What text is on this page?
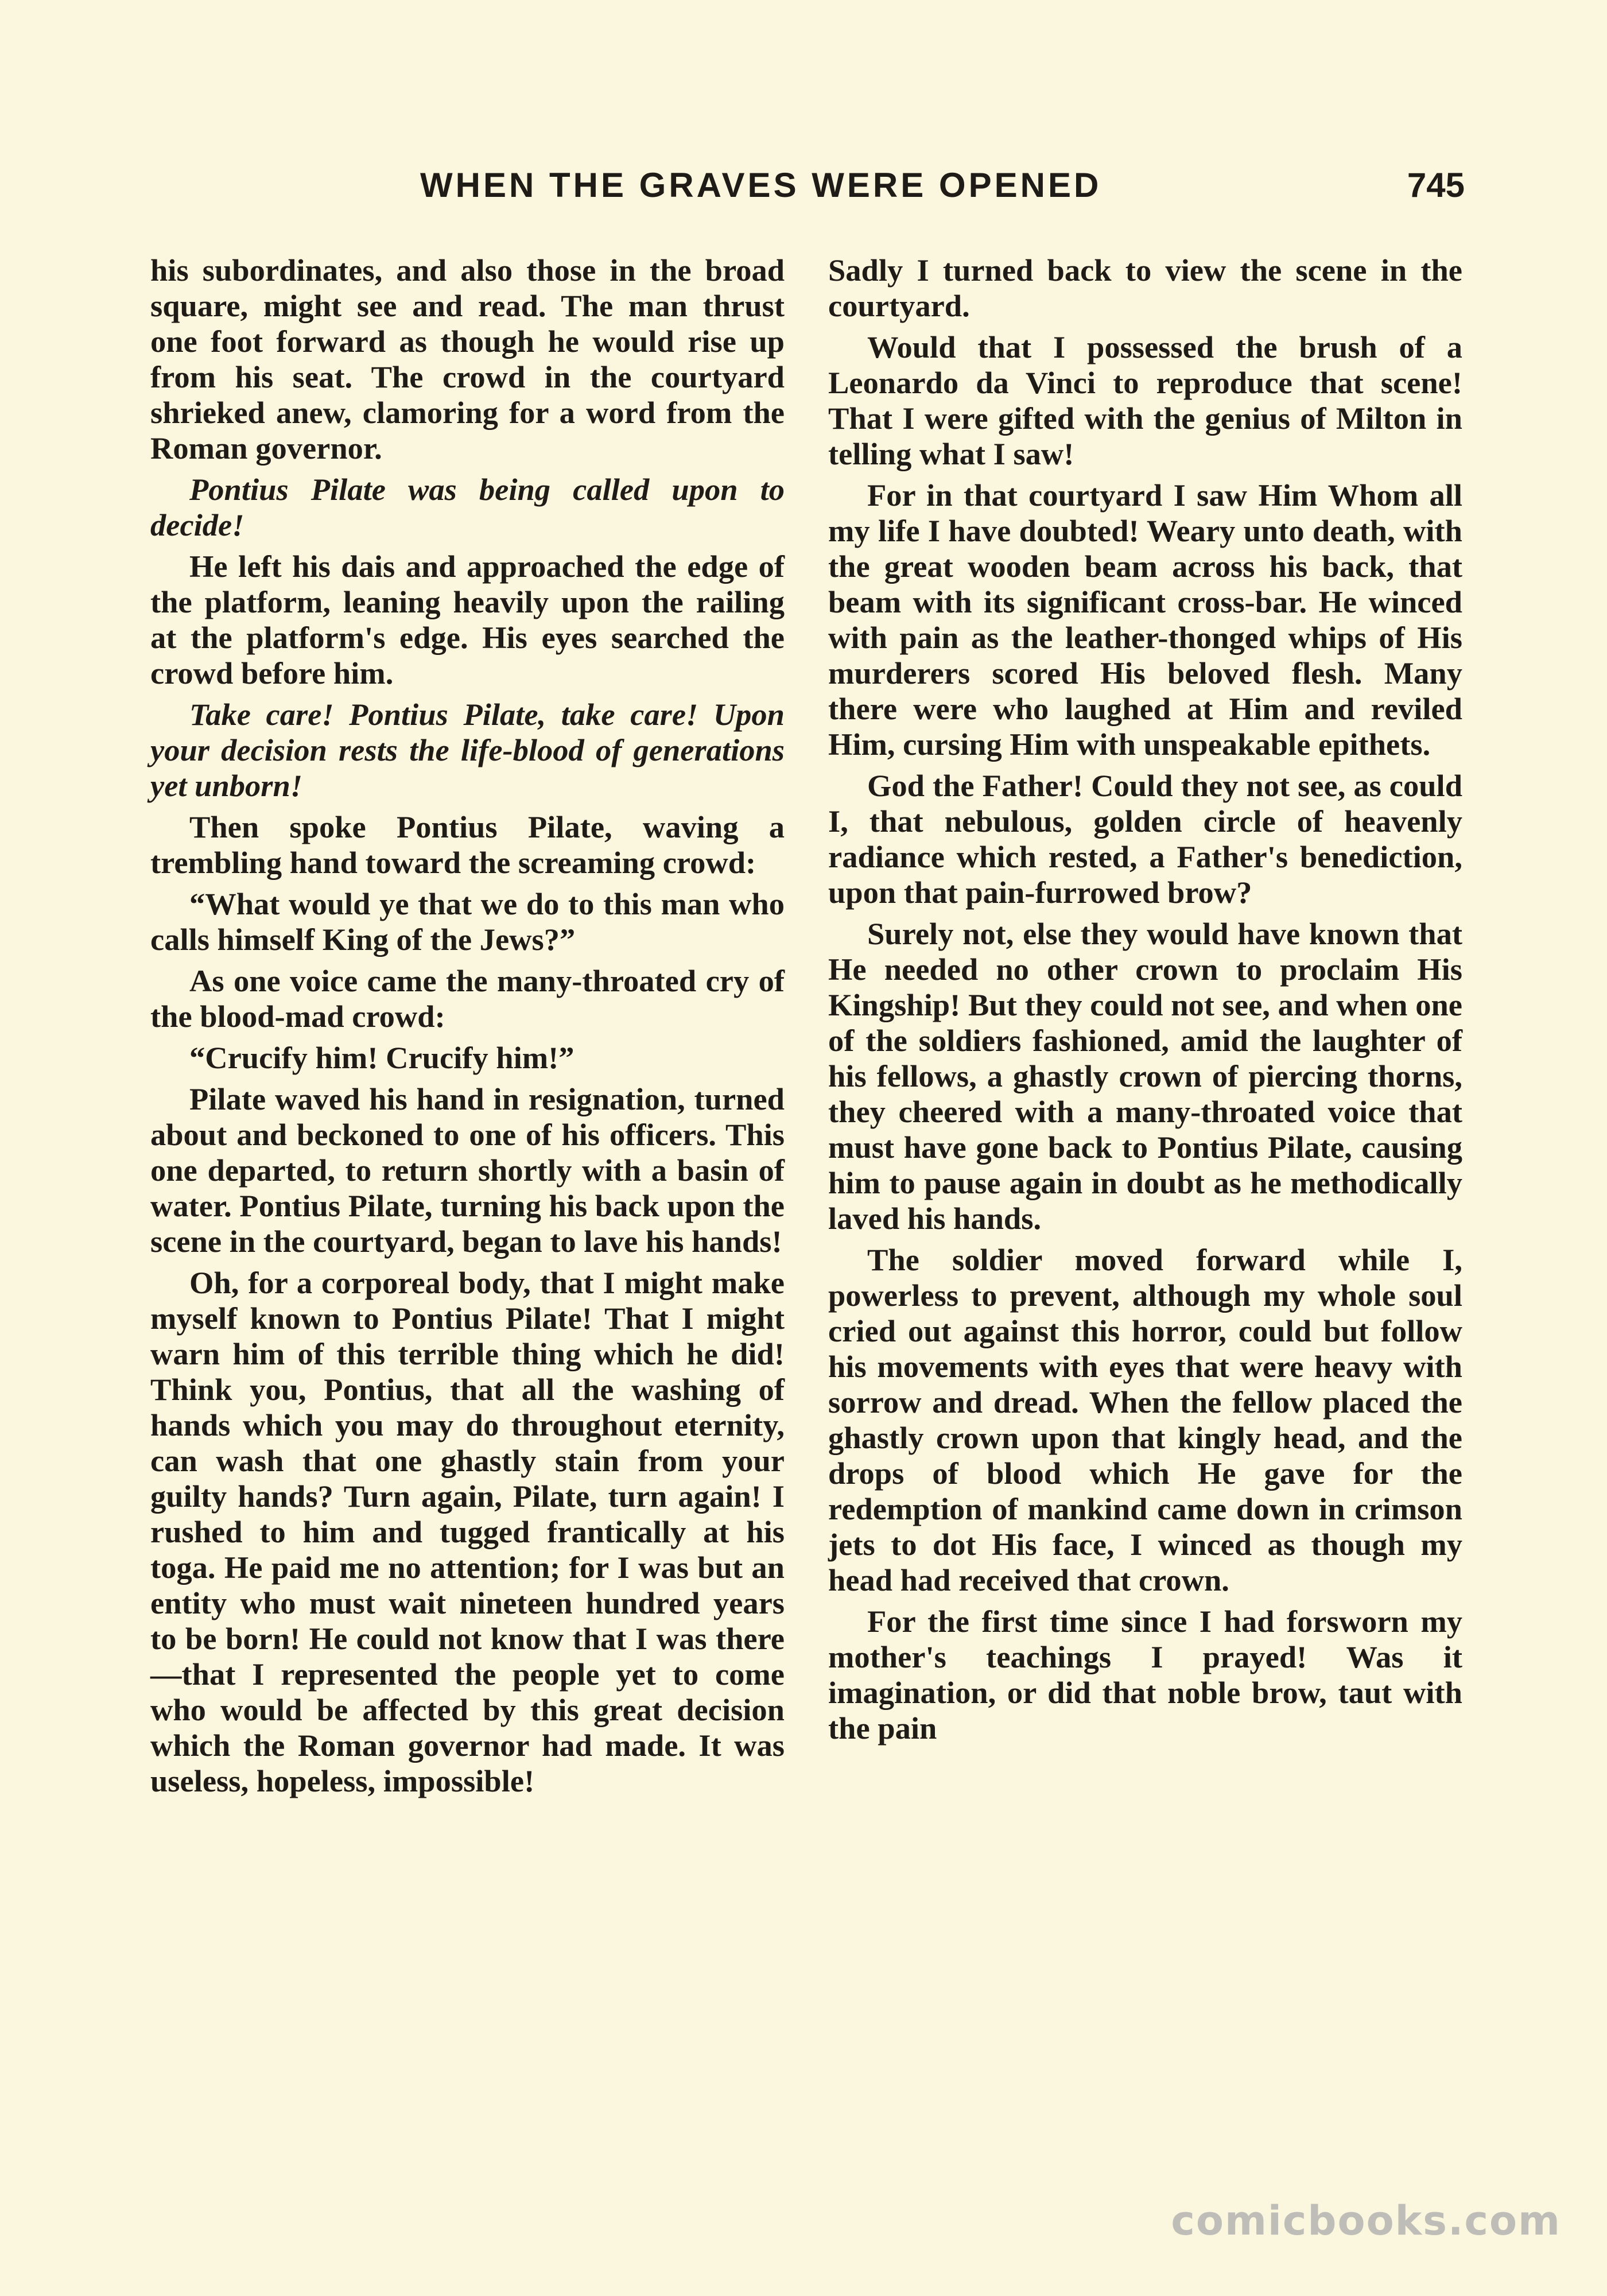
WHEN THE GRAVES WERE OPENED	745

his subordinates, and also those in the broad square, might see and read. The man thrust one foot forward as though he would rise up from his seat. The crowd in the courtyard shrieked anew, clamoring for a word from the Roman governor.

Pontius Pilate was being called upon to decide!

He left his dais and approached the edge of the platform, leaning heavily upon the railing at the platform's edge. His eyes searched the crowd before him.

Take care! Pontius Pilate, take care! Upon your decision rests the life-blood of generations yet unborn!

Then spoke Pontius Pilate, waving a trembling hand toward the screaming crowd:

“What would ye that we do to this man who calls himself King of the Jews?”

As one voice came the many-throated cry of the blood-mad crowd:

“Crucify him! Crucify him!”

Pilate waved his hand in resignation, turned about and beckoned to one of his officers. This one departed, to return shortly with a basin of water. Pontius Pilate, turning his back upon the scene in the courtyard, began to lave his hands!

Oh, for a corporeal body, that I might make myself known to Pontius Pilate! That I might warn him of this terrible thing which he did! Think you, Pontius, that all the washing of hands which you may do throughout eternity, can wash that one ghastly stain from your guilty hands? Turn again, Pilate, turn again! I rushed to him and tugged frantically at his toga. He paid me no attention; for I was but an entity who must wait nineteen hundred years to be born! He could not know that I was there—that I represented the people yet to come who would be affected by this great decision which the Roman governor had made. It was useless, hopeless, impossible!

Sadly I turned back to view the scene in the courtyard.

Would that I possessed the brush of a Leonardo da Vinci to reproduce that scene! That I were gifted with the genius of Milton in telling what I saw!

For in that courtyard I saw Him Whom all my life I have doubted! Weary unto death, with the great wooden beam across his back, that beam with its significant cross-bar. He winced with pain as the leather-thonged whips of His murderers scored His beloved flesh. Many there were who laughed at Him and reviled Him, cursing Him with unspeakable epithets.

God the Father! Could they not see, as could I, that nebulous, golden circle of heavenly radiance which rested, a Father's benediction, upon that pain-furrowed brow?

Surely not, else they would have known that He needed no other crown to proclaim His Kingship! But they could not see, and when one of the soldiers fashioned, amid the laughter of his fellows, a ghastly crown of piercing thorns, they cheered with a many-throated voice that must have gone back to Pontius Pilate, causing him to pause again in doubt as he methodically laved his hands.

The soldier moved forward while I, powerless to prevent, although my whole soul cried out against this horror, could but follow his movements with eyes that were heavy with sorrow and dread. When the fellow placed the ghastly crown upon that kingly head, and the drops of blood which He gave for the redemption of mankind came down in crimson jets to dot His face, I winced as though my head had received that crown.

For the first time since I had forsworn my mother's teachings I prayed! Was it imagination, or did that noble brow, taut with the pain

comicbooks.com
